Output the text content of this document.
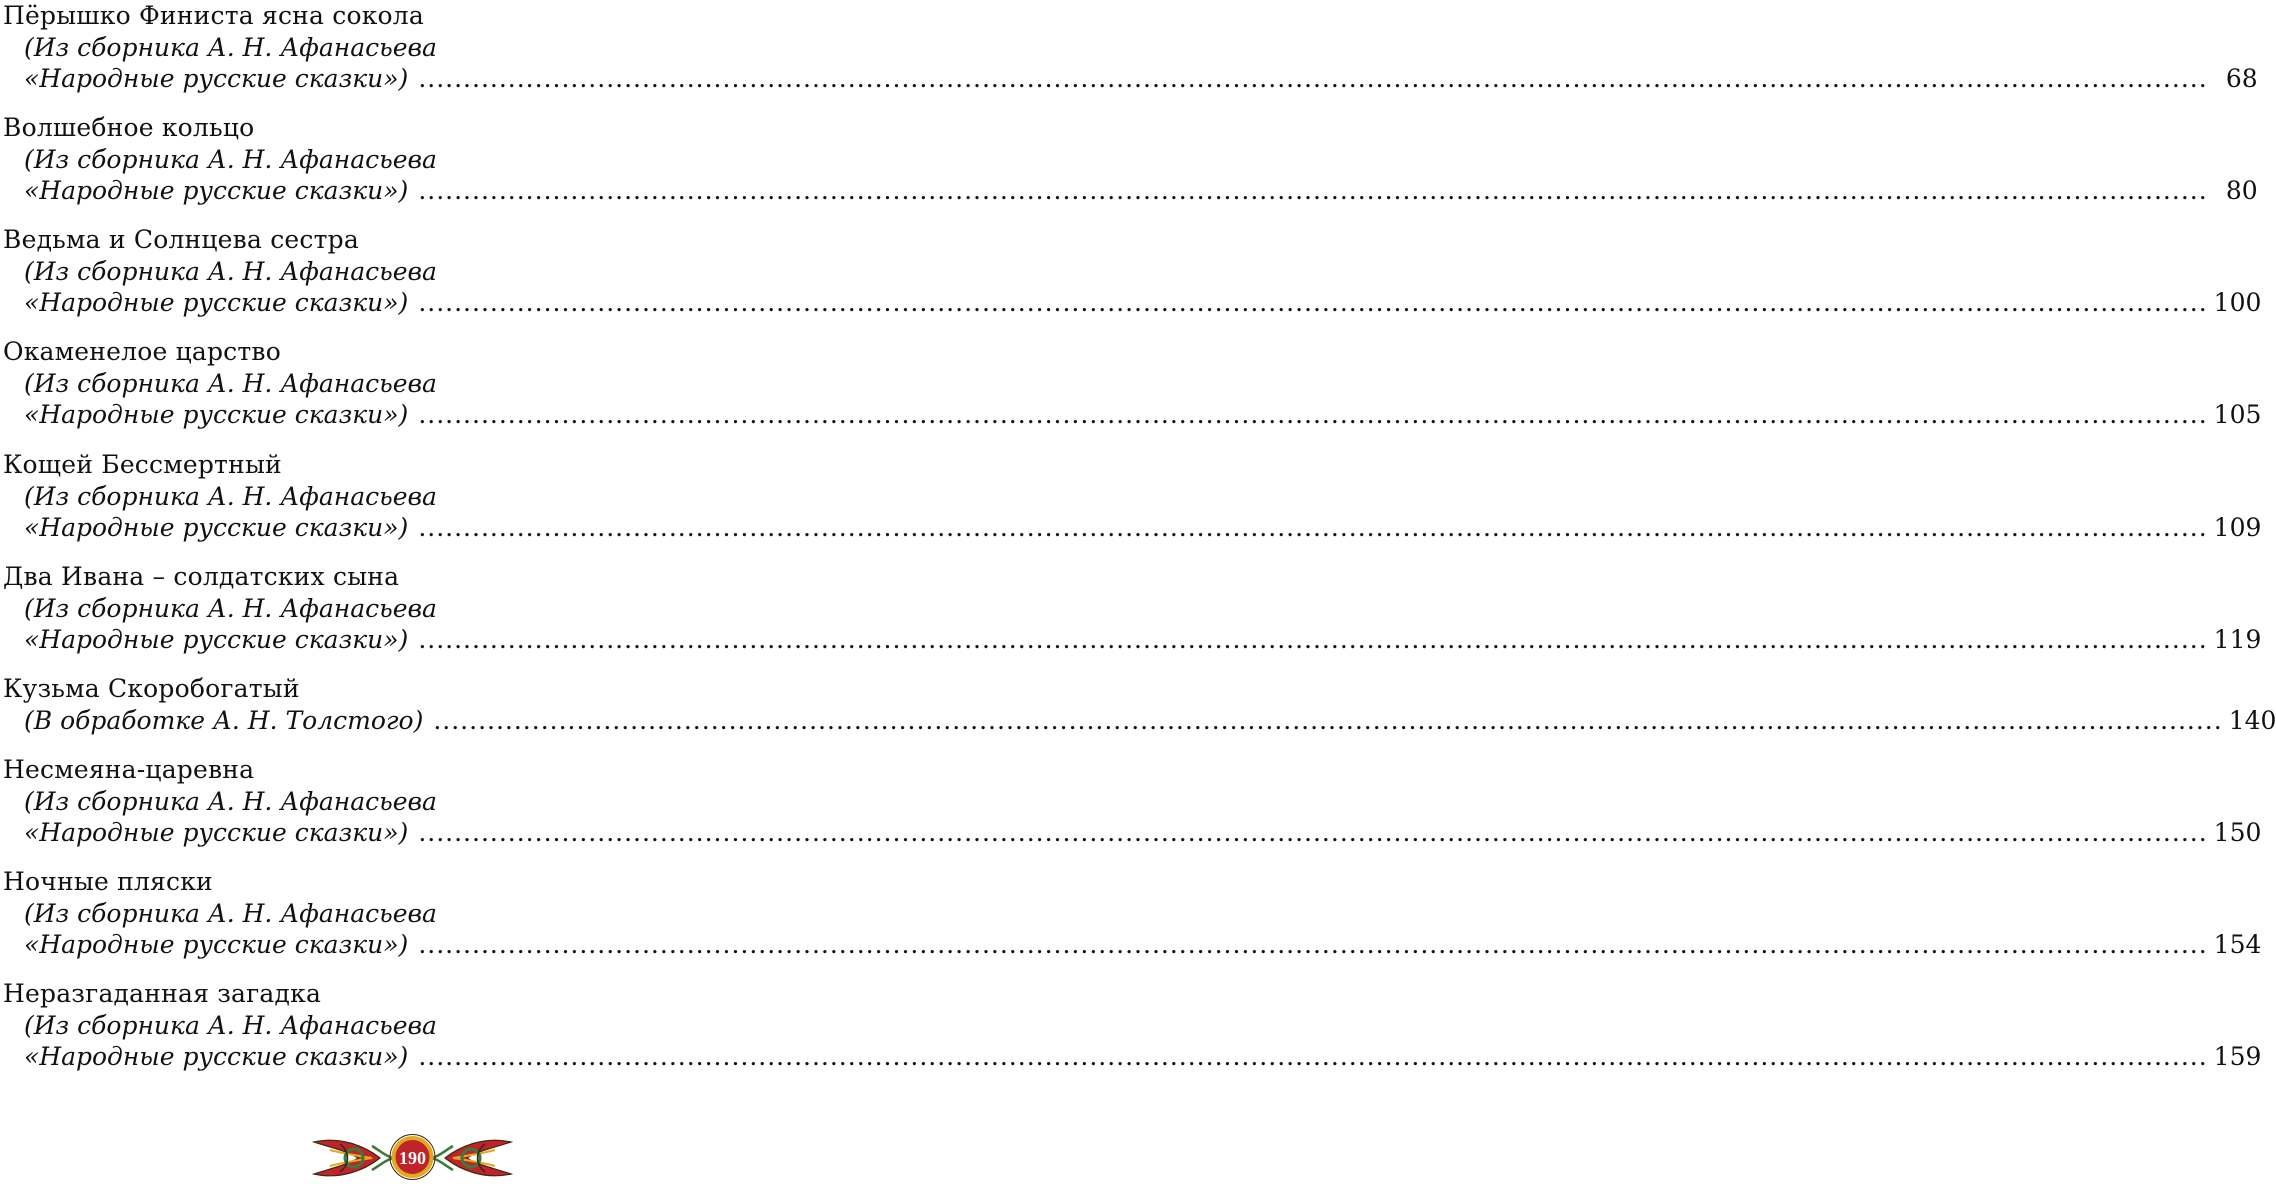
Пёрышко Финиста ясна сокола
(Из сборника А. Н. Афанасьева
«Народные русские сказки») ........................................................................................................................................................................................................ 68
Волшебное кольцо
(Из сборника А. Н. Афанасьева
«Народные русские сказки») ........................................................................................................................................................................................................ 80
Ведьма и Солнцева сестра
(Из сборника А. Н. Афанасьева
«Народные русские сказки») ........................................................................................................................................................................................................ 100
Окаменелое царство
(Из сборника А. Н. Афанасьева
«Народные русские сказки») ........................................................................................................................................................................................................ 105
Кощей Бессмертный
(Из сборника А. Н. Афанасьева
«Народные русские сказки») ........................................................................................................................................................................................................ 109
Два Ивана – солдатских сына
(Из сборника А. Н. Афанасьева
«Народные русские сказки») ........................................................................................................................................................................................................ 119
Кузьма Скоробогатый
(В обработке А. Н. Толстого) ........................................................................................................................................................................................................ 140
Несмеяна-царевна
(Из сборника А. Н. Афанасьева
«Народные русские сказки») ........................................................................................................................................................................................................ 150
Ночные пляски
(Из сборника А. Н. Афанасьева
«Народные русские сказки») ........................................................................................................................................................................................................ 154
Неразгаданная загадка
(Из сборника А. Н. Афанасьева
«Народные русские сказки») ........................................................................................................................................................................................................ 159
190
